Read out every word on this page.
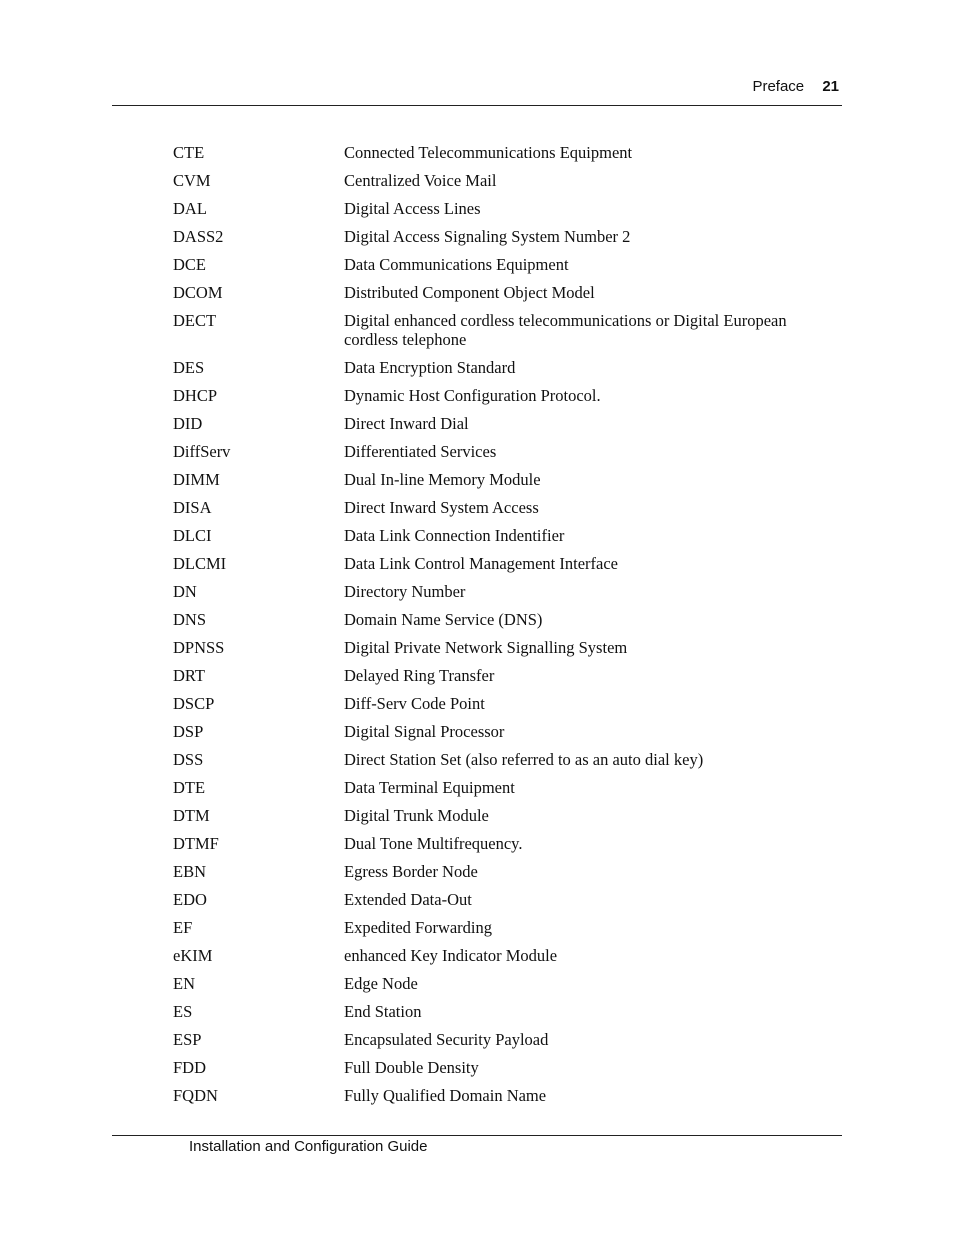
Preface 21
CTE	Connected Telecommunications Equipment
CVM	Centralized Voice Mail
DAL	Digital Access Lines
DASS2	Digital Access Signaling System Number 2
DCE	Data Communications Equipment
DCOM	Distributed Component Object Model
DECT	Digital enhanced cordless telecommunications or Digital European cordless telephone
DES	Data Encryption Standard
DHCP	Dynamic Host Configuration Protocol.
DID	Direct Inward Dial
DiffServ	Differentiated Services
DIMM	Dual In-line Memory Module
DISA	Direct Inward System Access
DLCI	Data Link Connection Indentifier
DLCMI	Data Link Control Management Interface
DN	Directory Number
DNS	Domain Name Service (DNS)
DPNSS	Digital Private Network Signalling System
DRT	Delayed Ring Transfer
DSCP	Diff-Serv Code Point
DSP	Digital Signal Processor
DSS	Direct Station Set (also referred to as an auto dial key)
DTE	Data Terminal Equipment
DTM	Digital Trunk Module
DTMF	Dual Tone Multifrequency.
EBN	Egress Border Node
EDO	Extended Data-Out
EF	Expedited Forwarding
eKIM	enhanced Key Indicator Module
EN	Edge Node
ES	End Station
ESP	Encapsulated Security Payload
FDD	Full Double Density
FQDN	Fully Qualified Domain Name
Installation and Configuration Guide
